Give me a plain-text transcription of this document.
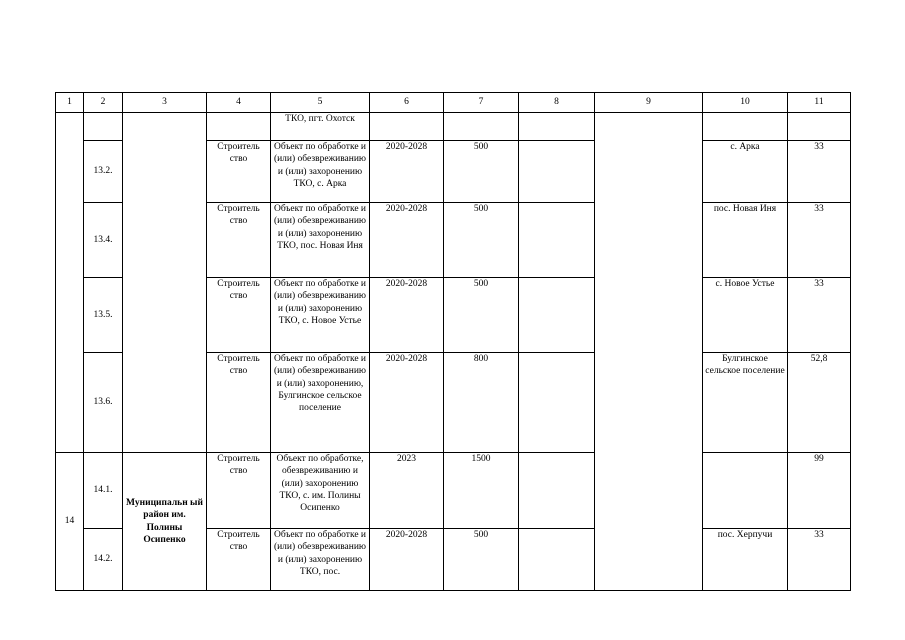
1	2	3	4	5	6	7	8	9	10	11
				ТКО, пгт. Охотск						
	13.2.		Строитель ство	Объект по обработке и (или) обезвреживанию и (или) захоронению ТКО, с. Арка	2020-2028	500			с. Арка	33
	13.4.		Строитель ство	Объект по обработке и (или) обезвреживанию и (или) захоронению ТКО, пос. Новая Иня	2020-2028	500			пос. Новая Иня	33
	13.5.		Строитель ство	Объект по обработке и (или) обезвреживанию и (или) захоронению ТКО, с. Новое Устье	2020-2028	500			с. Новое Устье	33
	13.6.		Строитель ство	Объект по обработке и (или) обезвреживанию и (или) захоронению, Булгинское сельское поселение	2020-2028	800			Булгинское сельское поселение	52,8
14	14.1.	Муниципальн ый район им. Полины Осипенко	Строитель ство	Объект по обработке, обезвреживанию и (или) захоронению ТКО, с. им. Полины Осипенко	2023	1500				99
	14.2.		Строитель ство	Объект по обработке и (или) обезвреживанию и (или) захоронению ТКО, пос.	2020-2028	500			пос. Херпучи	33
